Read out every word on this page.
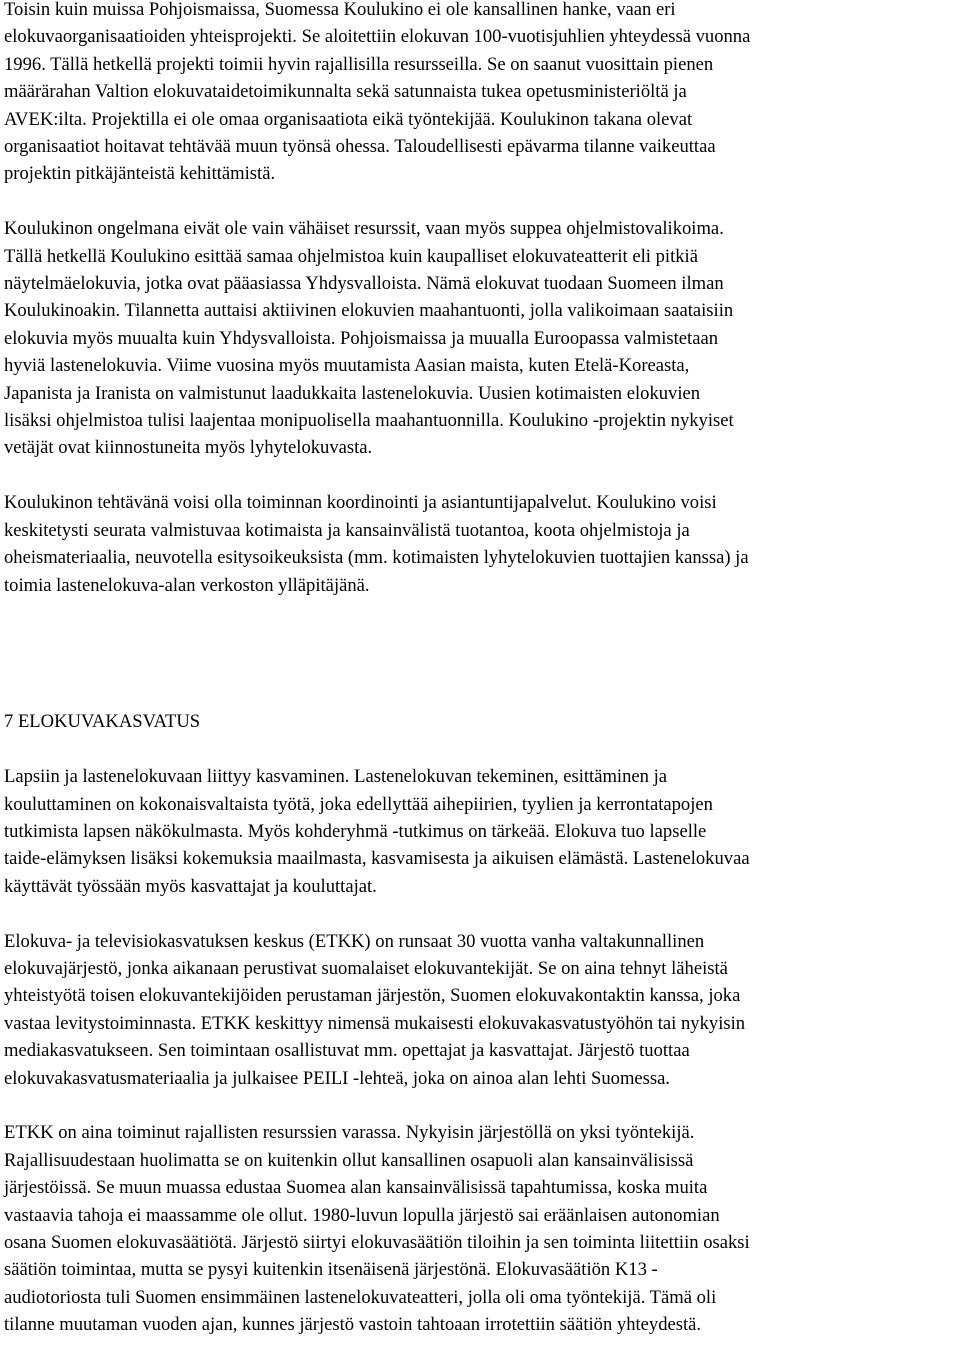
Toisin kuin muissa Pohjoismaissa, Suomessa Koulukino ei ole kansallinen hanke, vaan eri
elokuvaorganisaatioiden yhteisprojekti. Se aloitettiin elokuvan 100-vuotisjuhlien yhteydessä vuonna
1996. Tällä hetkellä projekti toimii hyvin rajallisilla resursseilla. Se on saanut vuosittain pienen
määrärahan Valtion elokuvataidetoimikunnalta sekä satunnaista tukea opetusministeriöltä ja
AVEK:ilta. Projektilla ei ole omaa organisaatiota eikä työntekijää. Koulukinon takana olevat
organisaatiot hoitavat tehtävää muun työnsä ohessa. Taloudellisesti epävarma tilanne vaikeuttaa
projektin pitkäjänteistä kehittämistä.
Koulukinon ongelmana eivät ole vain vähäiset resurssit, vaan myös suppea ohjelmistovalikoima.
Tällä hetkellä Koulukino esittää samaa ohjelmistoa kuin kaupalliset elokuvateatterit eli pitkiä
näytelmäelokuvia, jotka ovat pääasiassa Yhdysvalloista. Nämä elokuvat tuodaan Suomeen ilman
Koulukinoakin. Tilannetta auttaisi aktiivinen elokuvien maahantuonti, jolla valikoimaan saataisiin
elokuvia myös muualta kuin Yhdysvalloista. Pohjoismaissa ja muualla Euroopassa valmistetaan
hyviä lastenelokuvia. Viime vuosina myös muutamista Aasian maista, kuten Etelä-Koreasta,
Japanista ja Iranista on valmistunut laadukkaita lastenelokuvia. Uusien kotimaisten elokuvien
lisäksi ohjelmistoa tulisi laajentaa monipuolisella maahantuonnilla. Koulukino -projektin nykyiset
vetäjät ovat kiinnostuneita myös lyhytelokuvasta.
Koulukinon tehtävänä voisi olla toiminnan koordinointi ja asiantuntijapalvelut. Koulukino voisi
keskitetysti seurata valmistuvaa kotimaista ja kansainvälistä tuotantoa, koota ohjelmistoja ja
oheismateriaalia, neuvotella esitysoikeuksista (mm. kotimaisten lyhytelokuvien tuottajien kanssa) ja
toimia lastenelokuva-alan verkoston ylläpitäjänä.
7 ELOKUVAKASVATUS
Lapsiin ja lastenelokuvaan liittyy kasvaminen. Lastenelokuvan tekeminen, esittäminen ja
kouluttaminen on kokonaisvaltaista työtä, joka edellyttää aihepiirien, tyylien ja kerrontatapojen
tutkimista lapsen näkökulmasta. Myös kohderyhmä -tutkimus on tärkeää. Elokuva tuo lapselle
taide-elämyksen lisäksi kokemuksia maailmasta, kasvamisesta ja aikuisen elämästä. Lastenelokuvaa
käyttävät työssään myös kasvattajat ja kouluttajat.
Elokuva- ja televisiokasvatuksen keskus (ETKK) on runsaat 30 vuotta vanha valtakunnallinen
elokuvajärjestö, jonka aikanaan perustivat suomalaiset elokuvantekijät. Se on aina tehnyt läheistä
yhteistyötä toisen elokuvantekijöiden perustaman järjestön, Suomen elokuvakontaktin kanssa, joka
vastaa levitystoiminnasta. ETKK keskittyy nimensä mukaisesti elokuvakasvatustyöhön tai nykyisin
mediakasvatukseen. Sen toimintaan osallistuvat mm. opettajat ja kasvattajat. Järjestö tuottaa
elokuvakasvatusmateriaalia ja julkaisee PEILI -lehteä, joka on ainoa alan lehti Suomessa.
ETKK on aina toiminut rajallisten resurssien varassa. Nykyisin järjestöllä on yksi työntekijä.
Rajallisuudestaan huolimatta se on kuitenkin ollut kansallinen osapuoli alan kansainvälisissä
järjestöissä. Se muun muassa edustaa Suomea alan kansainvälisissä tapahtumissa, koska muita
vastaavia tahoja ei maassamme ole ollut. 1980-luvun lopulla järjestö sai eräänlaisen autonomian
osana Suomen elokuvasäätiötä. Järjestö siirtyi elokuvasäätiön tiloihin ja sen toiminta liitettiin osaksi
säätiön toimintaa, mutta se pysyi kuitenkin itsenäisenä järjestönä. Elokuvasäätiön K13 -
audiotoriosta tuli Suomen ensimmäinen lastenelokuvateatteri, jolla oli oma työntekijä. Tämä oli
tilanne muutaman vuoden ajan, kunnes järjestö vastoin tahtoaan irrotettiin säätiön yhteydestä.
